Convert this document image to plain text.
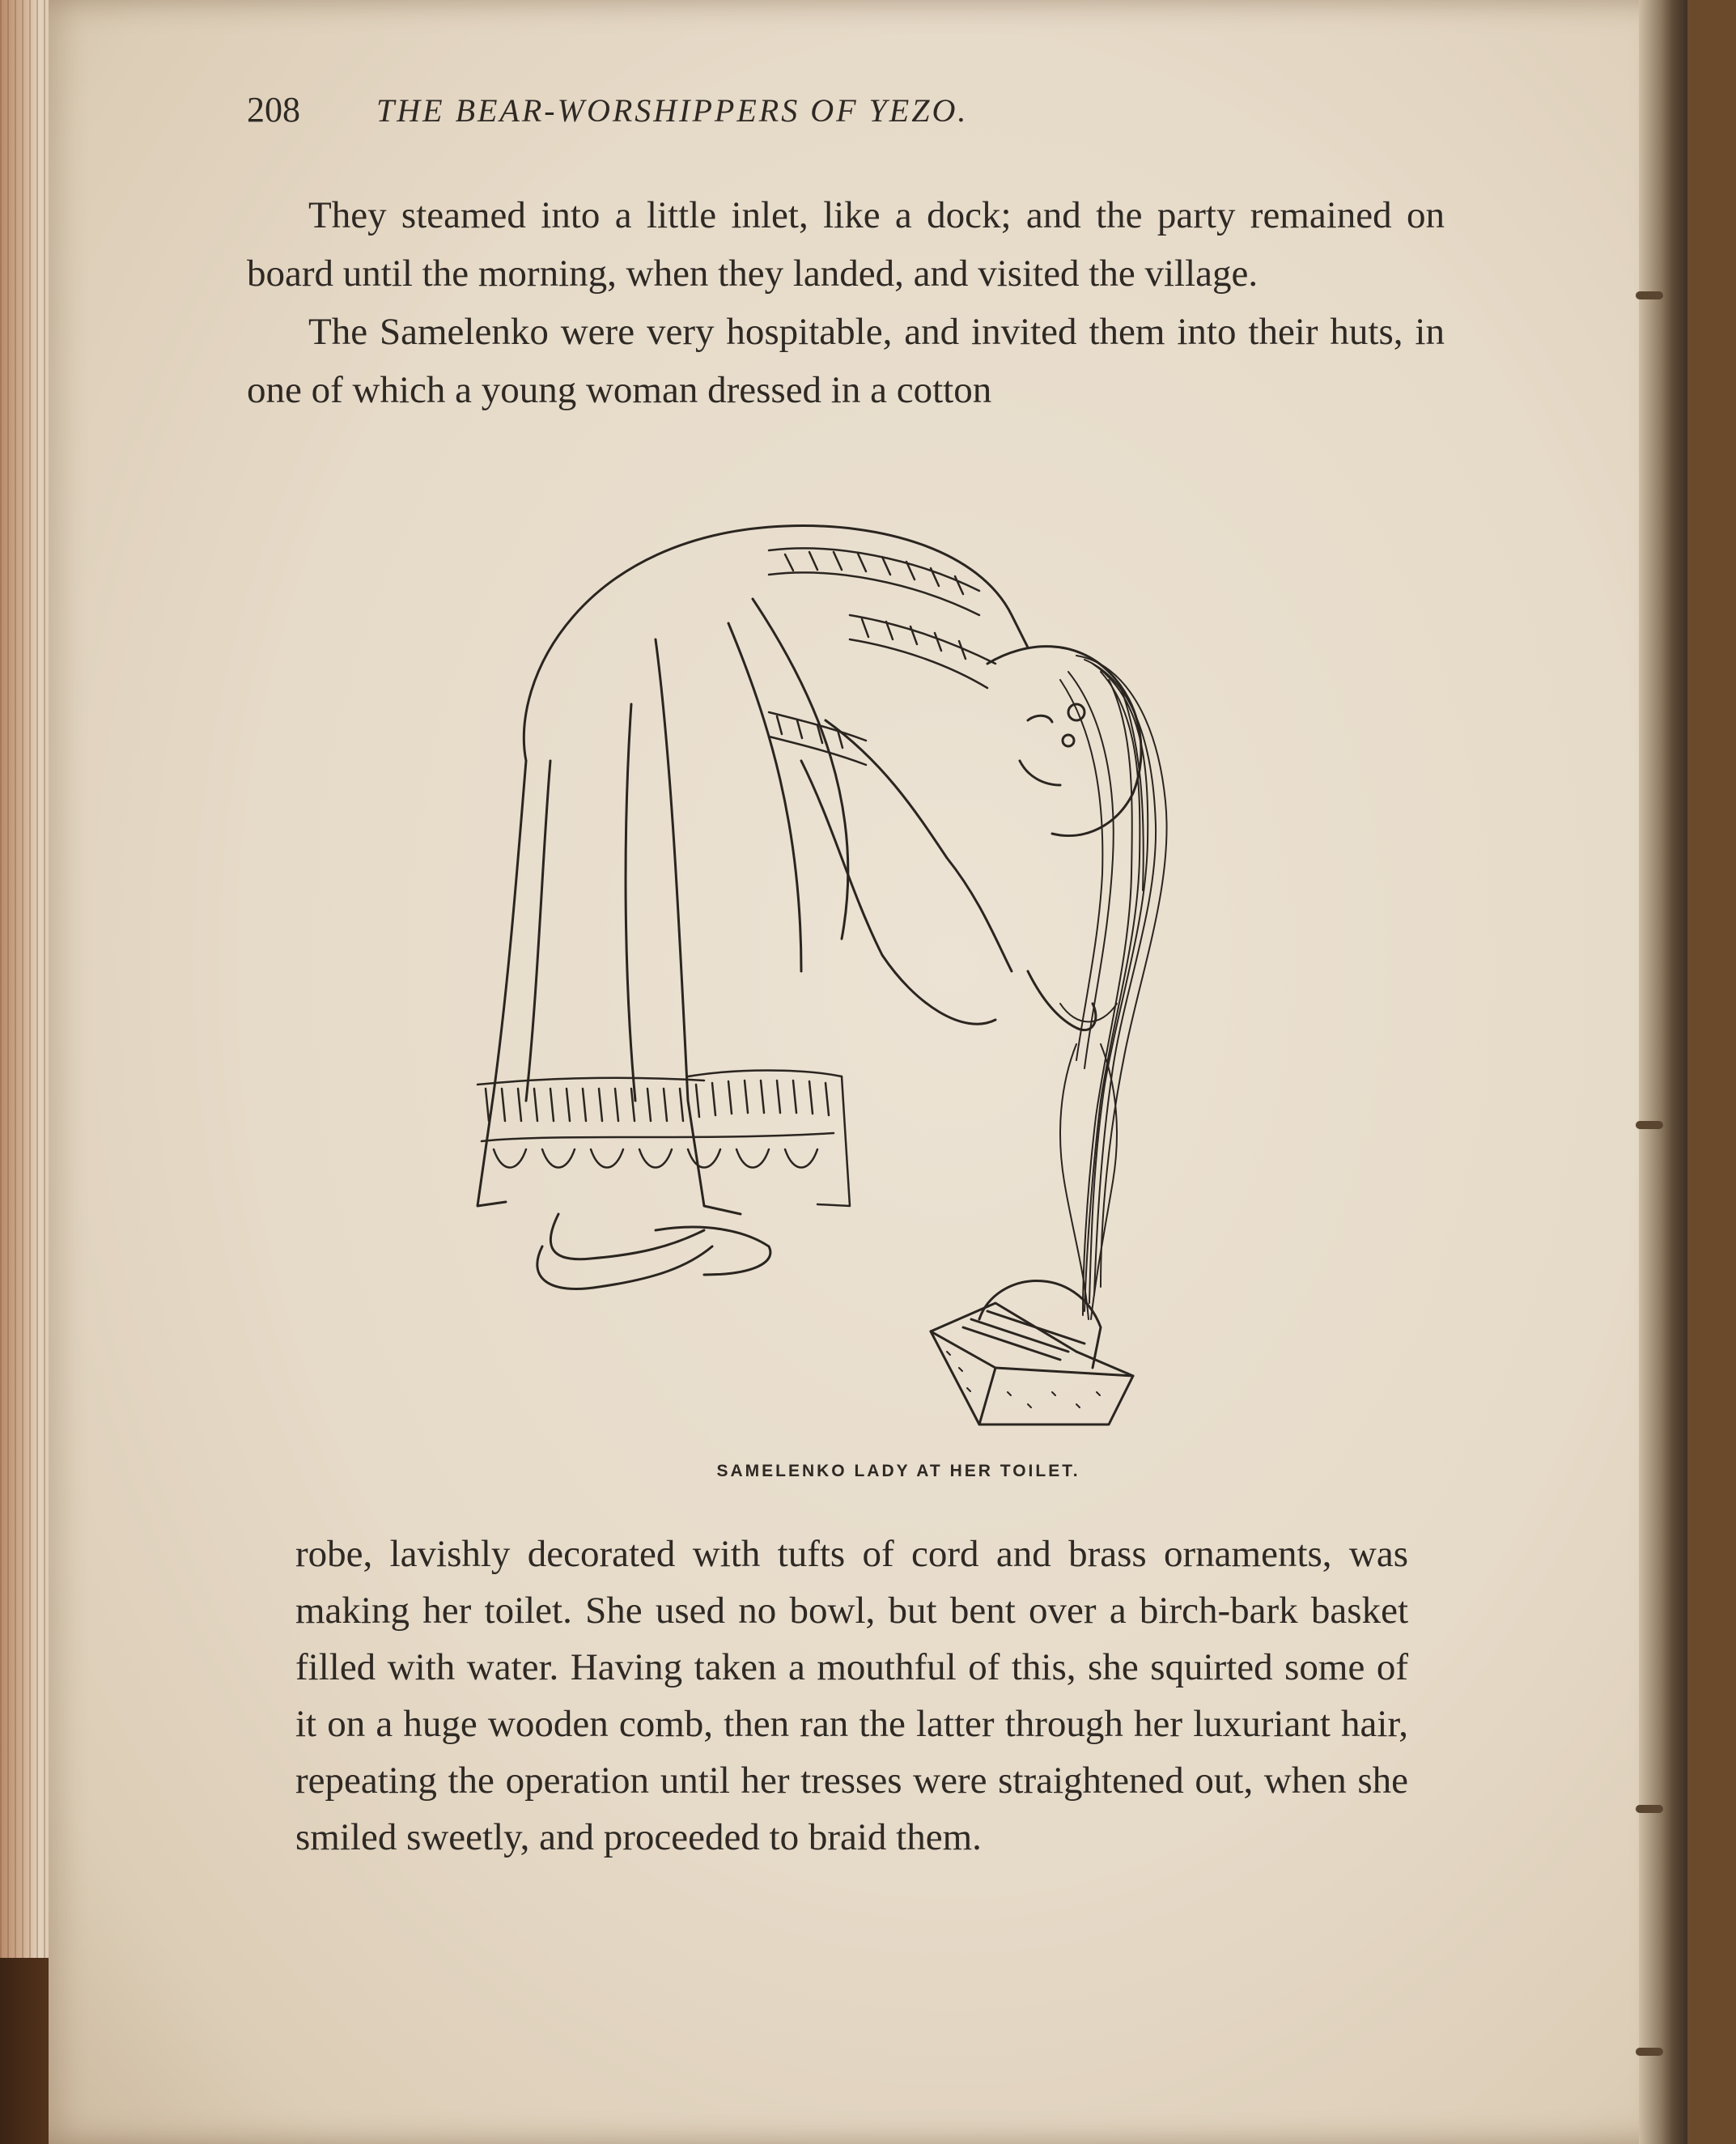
208	THE BEAR-WORSHIPPERS OF YEZO.

They steamed into a little inlet, like a dock; and the party remained on board until the morning, when they landed, and visited the village.

The Samelenko were very hospitable, and invited them into their huts, in one of which a young woman dressed in a cotton

SAMELENKO LADY AT HER TOILET.

robe, lavishly decorated with tufts of cord and brass ornaments, was making her toilet. She used no bowl, but bent over a birch-bark basket filled with water. Having taken a mouthful of this, she squirted some of it on a huge wooden comb, then ran the latter through her luxuriant hair, repeating the operation until her tresses were straightened out, when she smiled sweetly, and proceeded to braid them.
